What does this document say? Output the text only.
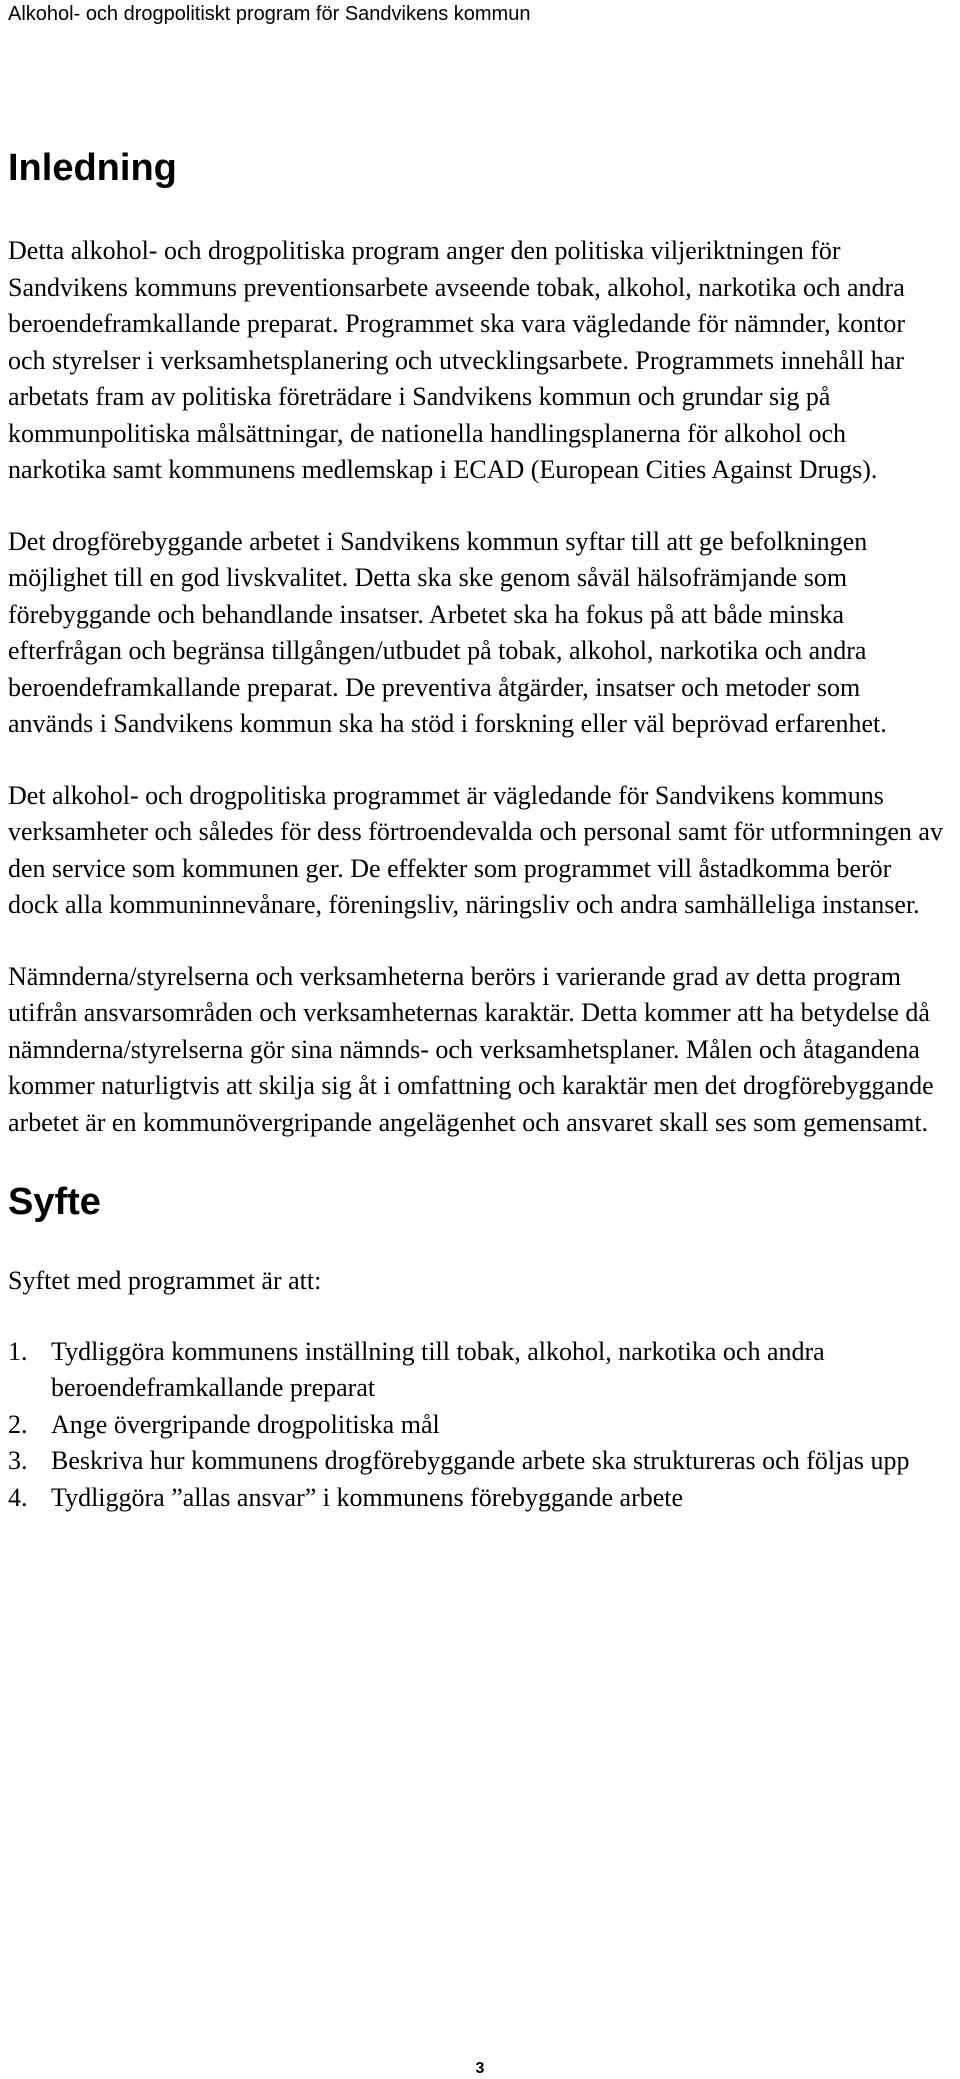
Alkohol- och drogpolitiskt program för Sandvikens kommun
Inledning

Detta alkohol- och drogpolitiska program anger den politiska viljeriktningen för Sandvikens kommuns preventionsarbete avseende tobak, alkohol, narkotika och andra beroendeframkallande preparat. Programmet ska vara vägledande för nämnder, kontor och styrelser i verksamhetsplanering och utvecklingsarbete. Programmets innehåll har arbetats fram av politiska företrädare i Sandvikens kommun och grundar sig på kommunpolitiska målsättningar, de nationella handlingsplanerna för alkohol och narkotika samt kommunens medlemskap i ECAD (European Cities Against Drugs).

Det drogförebyggande arbetet i Sandvikens kommun syftar till att ge befolkningen möjlighet till en god livskvalitet. Detta ska ske genom såväl hälsofrämjande som förebyggande och behandlande insatser. Arbetet ska ha fokus på att både minska efterfrågan och begränsa tillgången/utbudet på tobak, alkohol, narkotika och andra beroendeframkallande preparat. De preventiva åtgärder, insatser och metoder som används i Sandvikens kommun ska ha stöd i forskning eller väl beprövad erfarenhet.

Det alkohol- och drogpolitiska programmet är vägledande för Sandvikens kommuns verksamheter och således för dess förtroendevalda och personal samt för utformningen av den service som kommunen ger. De effekter som programmet vill åstadkomma berör dock alla kommuninnevånare, föreningsliv, näringsliv och andra samhälleliga instanser.

Nämnderna/styrelserna och verksamheterna berörs i varierande grad av detta program utifrån ansvarsområden och verksamheternas karaktär. Detta kommer att ha betydelse då nämnderna/styrelserna gör sina nämnds- och verksamhetsplaner. Målen och åtagandena kommer naturligtvis att skilja sig åt i omfattning och karaktär men det drogförebyggande arbetet är en kommunövergripande angelägenhet och ansvaret skall ses som gemensamt.

Syfte

Syftet med programmet är att:

1. Tydliggöra kommunens inställning till tobak, alkohol, narkotika och andra beroendeframkallande preparat
2. Ange övergripande drogpolitiska mål
3. Beskriva hur kommunens drogförebyggande arbete ska struktureras och följas upp
4. Tydliggöra ”allas ansvar” i kommunens förebyggande arbete
3
